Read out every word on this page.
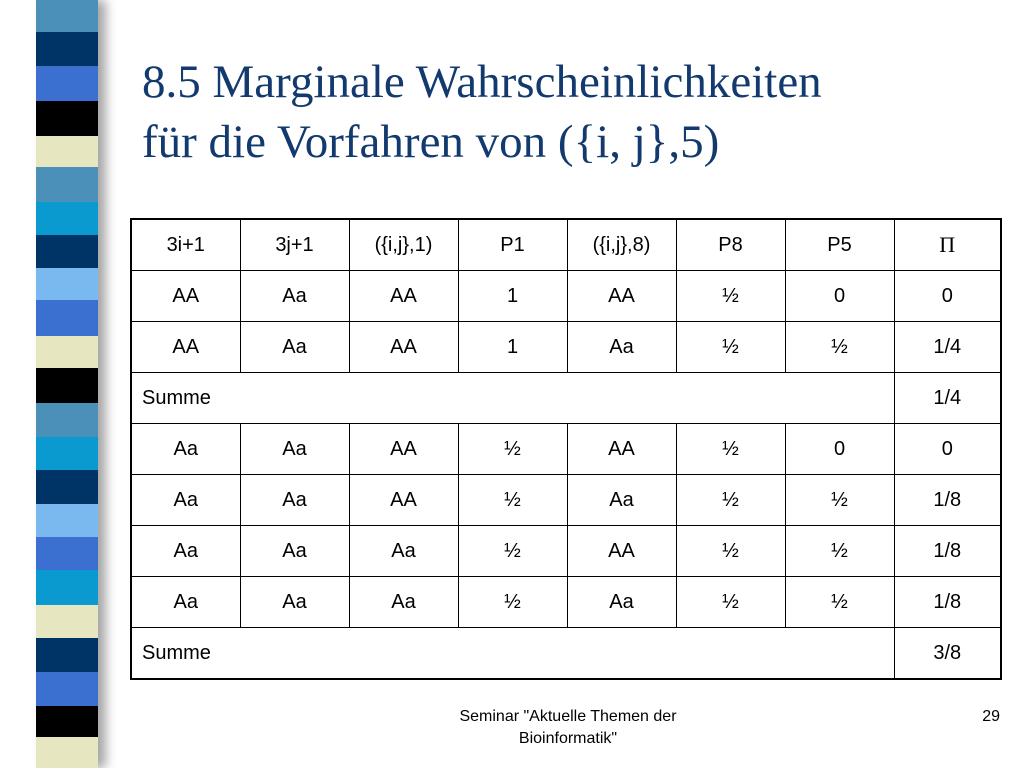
8.5 Marginale Wahrscheinlichkeiten
für die Vorfahren von ({i, j},5)
3i+1	3j+1	({i,j},1)	P1	({i,j},8)	P8	P5	Π
AA	Aa	AA	1	AA	½	0	0
AA	Aa	AA	1	Aa	½	½	1/4
Summe							1/4
Aa	Aa	AA	½	AA	½	0	0
Aa	Aa	AA	½	Aa	½	½	1/8
Aa	Aa	Aa	½	AA	½	½	1/8
Aa	Aa	Aa	½	Aa	½	½	1/8
Summe							3/8
Seminar "Aktuelle Themen der
Bioinformatik"
29
